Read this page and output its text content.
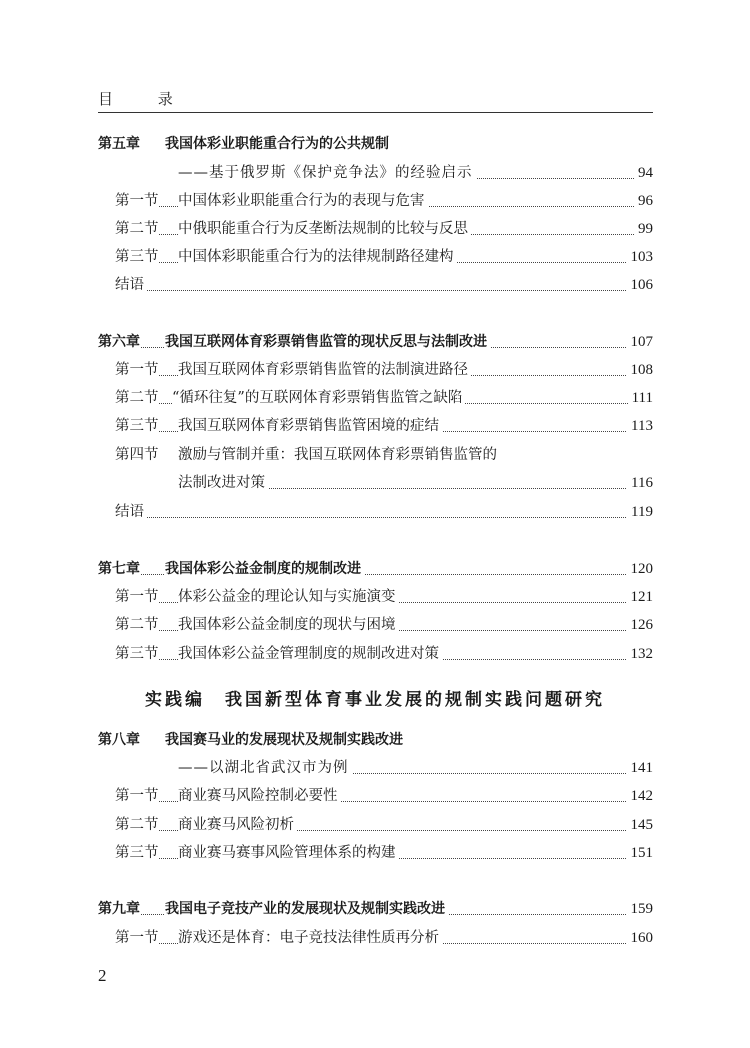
目 录
第五章 我国体彩业职能重合行为的公共规制
——基于俄罗斯《保护竞争法》的经验启示	94
第一节 中国体彩业职能重合行为的表现与危害	96
第二节 中俄职能重合行为反垄断法规制的比较与反思	99
第三节 中国体彩职能重合行为的法律规制路径建构	103
结语	106
第六章 我国互联网体育彩票销售监管的现状反思与法制改进	107
第一节 我国互联网体育彩票销售监管的法制演进路径	108
第二节 “循环往复”的互联网体育彩票销售监管之缺陷	111
第三节 我国互联网体育彩票销售监管困境的症结	113
第四节 激励与管制并重：我国互联网体育彩票销售监管的
法制改进对策	116
结语	119
第七章 我国体彩公益金制度的规制改进	120
第一节 体彩公益金的理论认知与实施演变	121
第二节 我国体彩公益金制度的现状与困境	126
第三节 我国体彩公益金管理制度的规制改进对策	132
实践编　我国新型体育事业发展的规制实践问题研究
第八章 我国赛马业的发展现状及规制实践改进
——以湖北省武汉市为例	141
第一节 商业赛马风险控制必要性	142
第二节 商业赛马风险初析	145
第三节 商业赛马赛事风险管理体系的构建	151
第九章 我国电子竞技产业的发展现状及规制实践改进	159
第一节 游戏还是体育：电子竞技法律性质再分析	160
2
